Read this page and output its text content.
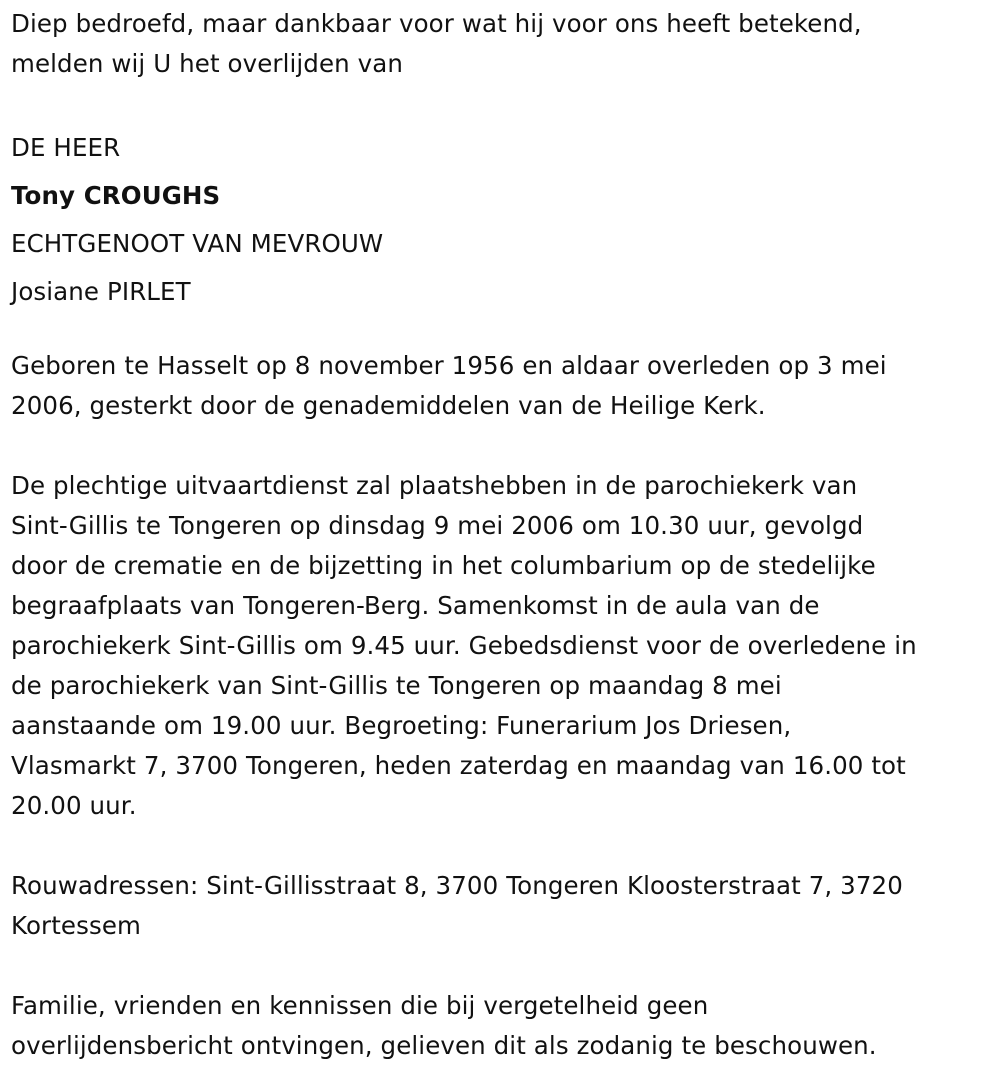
Diep bedroefd, maar dankbaar voor wat hij voor ons heeft betekend,
melden wij U het overlijden van

DE HEER

Tony CROUGHS

ECHTGENOOT VAN MEVROUW

Josiane PIRLET

Geboren te Hasselt op 8 november 1956 en aldaar overleden op 3 mei
2006, gesterkt door de genademiddelen van de Heilige Kerk.

De plechtige uitvaartdienst zal plaatshebben in de parochiekerk van
Sint-Gillis te Tongeren op dinsdag 9 mei 2006 om 10.30 uur, gevolgd
door de crematie en de bijzetting in het columbarium op de stedelijke
begraafplaats van Tongeren-Berg. Samenkomst in de aula van de
parochiekerk Sint-Gillis om 9.45 uur. Gebedsdienst voor de overledene in
de parochiekerk van Sint-Gillis te Tongeren op maandag 8 mei
aanstaande om 19.00 uur. Begroeting: Funerarium Jos Driesen,
Vlasmarkt 7, 3700 Tongeren, heden zaterdag en maandag van 16.00 tot
20.00 uur.

Rouwadressen: Sint-Gillisstraat 8, 3700 Tongeren Kloosterstraat 7, 3720
Kortessem

Familie, vrienden en kennissen die bij vergetelheid geen
overlijdensbericht ontvingen, gelieven dit als zodanig te beschouwen.
